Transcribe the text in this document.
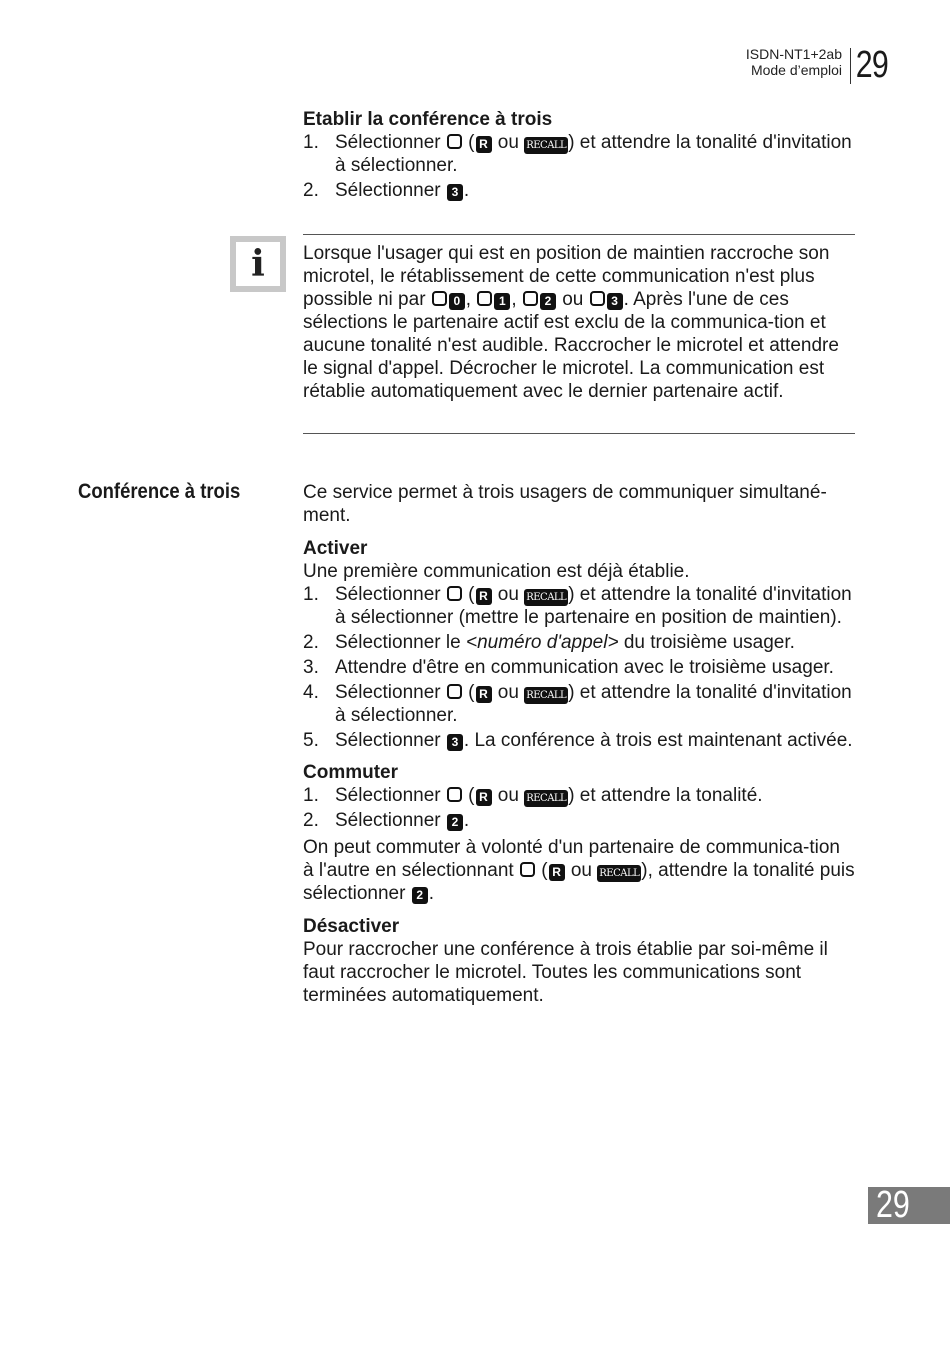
ISDN-NT1+2ab
Mode d’emploi 29

Etablir la conférence à trois

1. Sélectionner  ( R ou RECALL ) et attendre la tonalité d'invitation à sélectionner.
2. Sélectionner 3 .
i Lorsque l'usager qui est en position de maintien raccroche son microtel, le rétablissement de cette communication n'est plus possible ni par 0 , 1 , 2 ou 3 . Après l'une de ces sélections le partenaire actif est exclu de la communica-tion et aucune tonalité n'est audible. Raccrocher le microtel et attendre le signal d'appel. Décrocher le microtel. La communication est rétablie automatiquement avec le dernier partenaire actif.

Conférence à trois	Ce service permet à trois usagers de communiquer simultané-ment.

Activer

Une première communication est déjà établie.

1. Sélectionner  ( R ou RECALL ) et attendre la tonalité d'invitation à sélectionner (mettre le partenaire en position de maintien).
2. Sélectionner le <numéro d'appel> du troisième usager.
3. Attendre d'être en communication avec le troisième usager.
4. Sélectionner  ( R ou RECALL ) et attendre la tonalité d'invitation à sélectionner.
5. Sélectionner 3 . La conférence à trois est maintenant activée.

Commuter

1. Sélectionner  ( R ou RECALL ) et attendre la tonalité.
2. Sélectionner 2 .

On peut commuter à volonté d'un partenaire de communica-tion à l'autre en sélectionnant  ( R ou RECALL ), attendre la tonalité puis sélectionner 2 .

Désactiver

Pour raccrocher une conférence à trois établie par soi-même il faut raccrocher le microtel. Toutes les communications sont terminées automatiquement.

29
